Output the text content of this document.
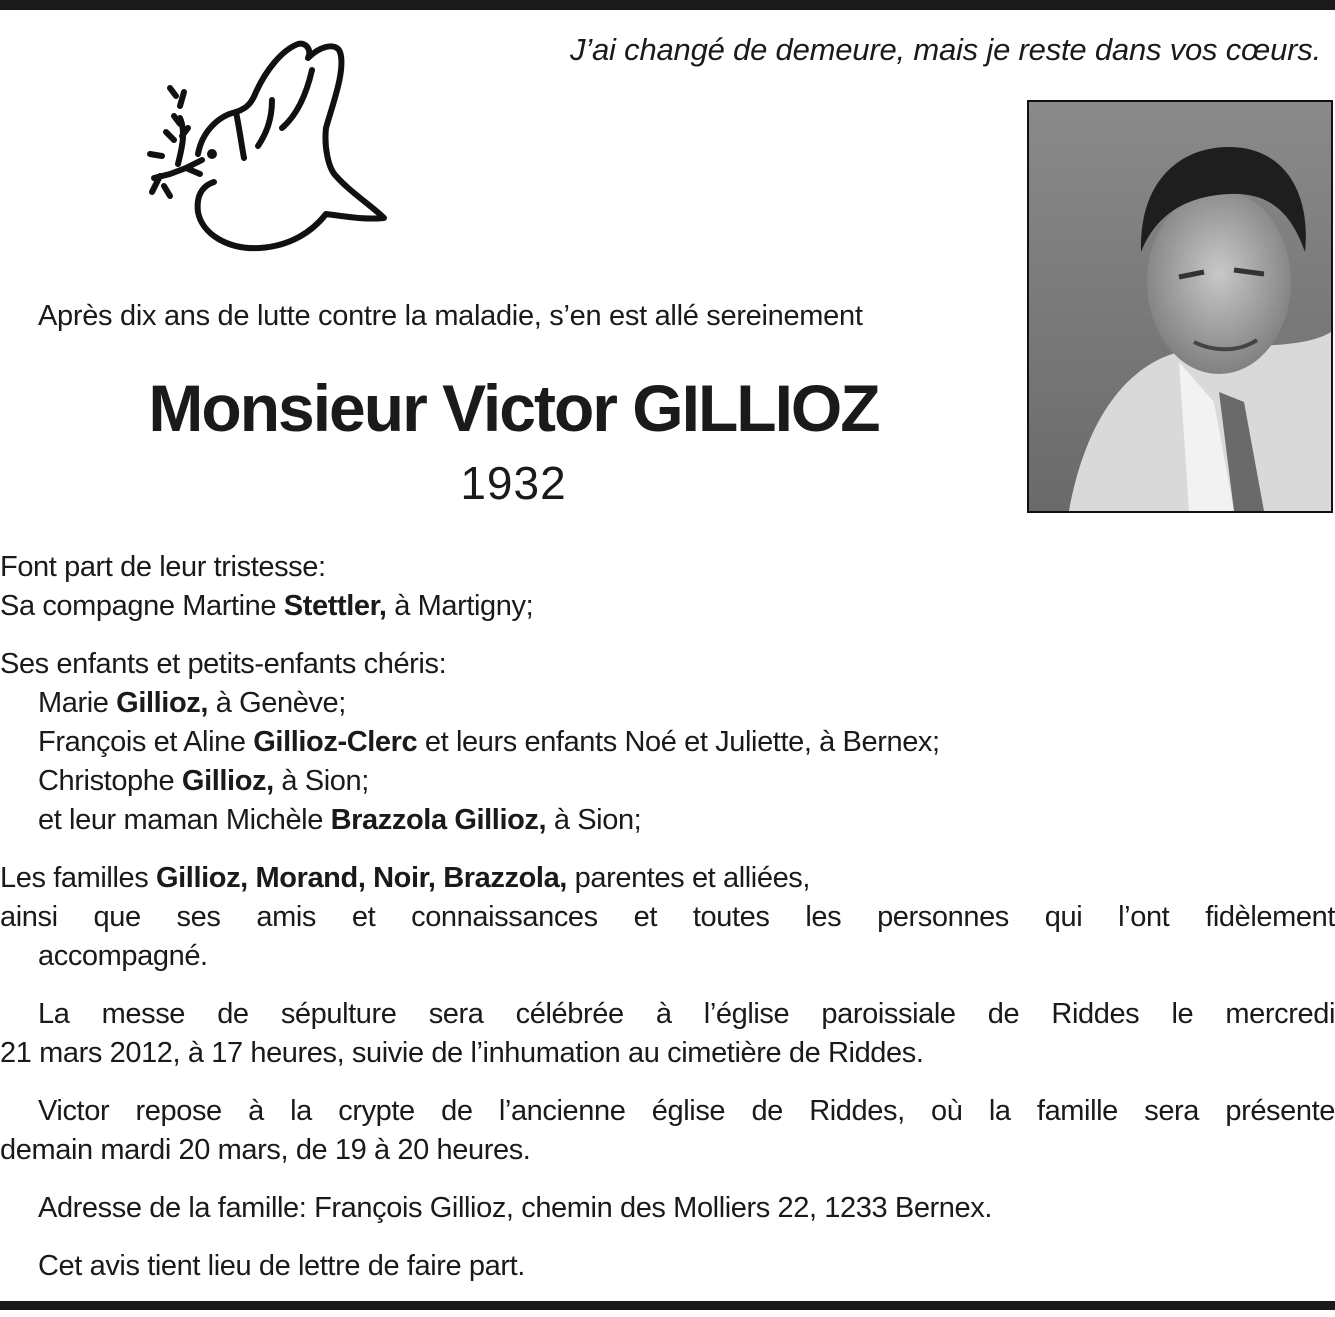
J’ai changé de demeure, mais je reste dans vos cœurs.
Après dix ans de lutte contre la maladie, s’en est allé sereinement
Monsieur Victor GILLIOZ
1932

Font part de leur tristesse:

Sa compagne Martine Stettler, à Martigny;

Ses enfants et petits-enfants chéris:

Marie Gillioz, à Genève;

François et Aline Gillioz-Clerc et leurs enfants Noé et Juliette, à Bernex;

Christophe Gillioz, à Sion;

et leur maman Michèle Brazzola Gillioz, à Sion;

Les familles Gillioz, Morand, Noir, Brazzola, parentes et alliées,

ainsi que ses amis et connaissances et toutes les personnes qui l’ont fidèlement

accompagné.

La messe de sépulture sera célébrée à l’église paroissiale de Riddes le mercredi

21 mars 2012, à 17 heures, suivie de l’inhumation au cimetière de Riddes.

Victor repose à la crypte de l’ancienne église de Riddes, où la famille sera présente

demain mardi 20 mars, de 19 à 20 heures.

Adresse de la famille: François Gillioz, chemin des Molliers 22, 1233 Bernex.

Cet avis tient lieu de lettre de faire part.
